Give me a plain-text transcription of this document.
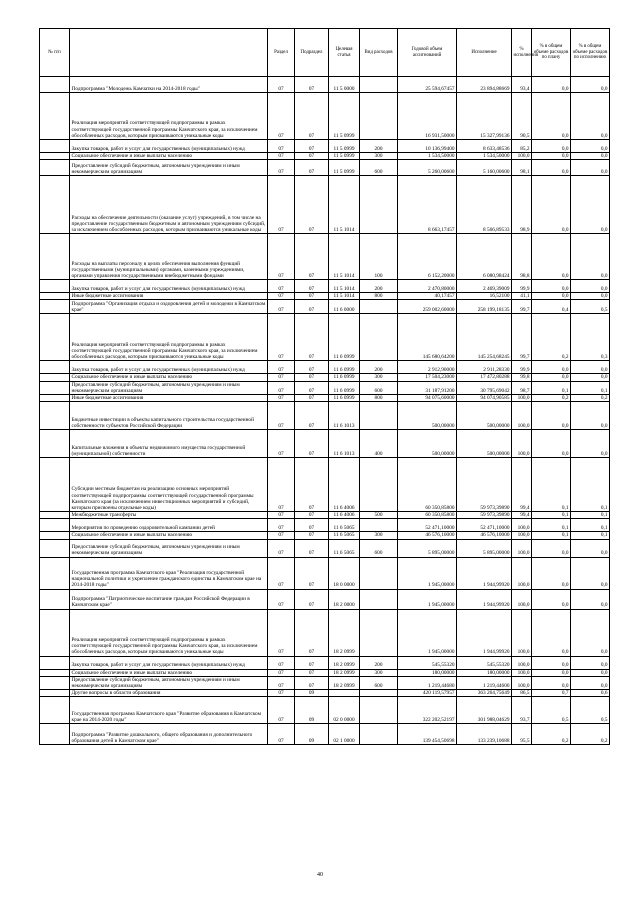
№ п/п		Раздел	Подраздел	Целевая статья	Вид расходов	Годовой объем ассигнований	Исполнение	% исполнения	% в общем объеме расходов по плану	% в общем объеме расходов по исполнению
	Подпрограмма "Молодежь Камчатки на 2014-2018 годы"	07	07	11 5 0000		25 594,67457	23 894,88669	93,4	0,0	0,0
	Реализация мероприятий соответствующей подпрограммы в рамках соответствующей государственной программы Камчатского края, за исключением обособленных расходов, которым присваиваются уникальные коды	07	07	11 5 0999		16 931,50000	15 327,99136	90,5	0,0	0,0
	Закупка товаров, работ и услуг для государственных (муниципальных) нужд	07	07	11 5 0999	200	10 136,99400	8 633,48536	85,2	0,0	0,0
	Социальное обеспечение и иные выплаты населению	07	07	11 5 0999	300	1 534,50000	1 534,50000	100,0	0,0	0,0
	Предоставление субсидий бюджетным, автономным учреждениям и иным некоммерческим организациям	07	07	11 5 0999	600	5 260,00600	5 160,00600	98,1	0,0	0,0
	Расходы на обеспечение деятельности (оказание услуг) учреждений, в том числе на предоставление государственным бюджетным и автономным учреждениям субсидий, за исключением обособленных расходов, которым присваиваются уникальные коды	07	07	11 5 1014		8 663,17457	8 566,89533	98,9	0,0	0,0
	Расходы на выплаты персоналу в целях обеспечения выполнения функций государственными (муниципальными) органами, казенными учреждениями, органами управления государственными внебюджетными фондами	07	07	11 5 1014	100	6 152,20000	6 080,98424	98,8	0,0	0,0
	Закупка товаров, работ и услуг для государственных (муниципальных) нужд	07	07	11 5 1014	200	2 470,80000	2 469,39009	99,9	0,0	0,0
	Иные бюджетные ассигнования	07	07	11 5 1014	800	40,17457	16,52100	41,1	0,0	0,0
	Подпрограмма "Организация отдыха и оздоровления детей и молодежи в Камчатском крае"	07	07	11 6 0000		259 002,60000	258 199,18135	99,7	0,4	0,5
	Реализация мероприятий соответствующей подпрограммы в рамках соответствующей государственной программы Камчатского края, за исключением обособленных расходов, которым присваиваются уникальные коды	07	07	11 6 0999		145 680,64200	145 254,68245	99,7	0,2	0,3
	Закупка товаров, работ и услуг для государственных (муниципальных) нужд	07	07	11 6 0999	200	2 912,90000	2 911,28330	99,9	0,0	0,0
	Социальное обеспечение и иные выплаты населению	07	07	11 6 0999	300	17 504,23000	17 472,80288	99,8	0,0	0,0
	Предоставление субсидий бюджетным, автономным учреждениям и иным некоммерческим организациям	07	07	11 6 0999	600	31 187,91200	30 795,69042	98,7	0,1	0,1
	Иные бюджетные ассигнования	07	07	11 6 0999	800	94 075,60000	94 074,90585	100,0	0,2	0,2
	Бюджетные инвестиции в объекты капитального строительства государственной собственности субъектов Российской Федерации	07	07	11 6 1013		500,00000	500,00000	100,0	0,0	0,0
	Капитальные вложения в объекты недвижимого имущества государственной (муниципальной) собственности	07	07	11 6 1013	400	500,00000	500,00000	100,0	0,0	0,0
	Субсидии местным бюджетам на реализацию основных мероприятий соответствующей подпрограммы соответствующей государственной программы Камчатского края (за исключением инвестиционных мероприятий и субсидий, которым присвоены отдельные коды)	07	07	11 6 4006		60 350,85800	59 973,39890	99,4	0,1	0,1
	Межбюджетные трансферты	07	07	11 6 4006	500	60 350,85800	59 973,39890	99,4	0,1	0,1
	Мероприятия по проведению оздоровительной кампании детей	07	07	11 6 5065		52 471,10000	52 471,10000	100,0	0,1	0,1
	Социальное обеспечение и иные выплаты населению	07	07	11 6 5065	300	46 576,10000	46 576,10000	100,0	0,1	0,1
	Предоставление субсидий бюджетным, автономным учреждениям и иным некоммерческим организациям	07	07	11 6 5065	600	5 895,00000	5 895,00000	100,0	0,0	0,0
	Государственная программа Камчатского края "Реализация государственной национальной политики и укрепление гражданского единства в Камчатском крае на 2014-2018 годы"	07	07	18 0 0000		1 945,00000	1 944,99920	100,0	0,0	0,0
	Подпрограмма "Патриотическое воспитание граждан Российской Федерации в Камчатском крае"	07	07	18 2 0000		1 945,00000	1 944,99920	100,0	0,0	0,0
	Реализация мероприятий соответствующей подпрограммы в рамках соответствующей государственной программы Камчатского края, за исключением обособленных расходов, которым присваиваются уникальные коды	07	07	18 2 0999		1 945,00000	1 944,99920	100,0	0,0	0,0
	Закупка товаров, работ и услуг для государственных (муниципальных) нужд	07	07	18 2 0999	200	545,55320	545,55320	100,0	0,0	0,0
	Социальное обеспечение и иные выплаты населению	07	07	18 2 0999	300	180,00000	180,00000	100,0	0,0	0,0
	Предоставление субсидий бюджетным, автономным учреждениям и иным некоммерческим организациям	07	07	18 2 0999	600	1 219,44680	1 219,44600	100,0	0,0	0,0
	Другие вопросы в области образования	07	09			420 119,57957	363 264,75649	86,5	0,7	0,6
	Государственная программа Камчатского края "Развитие образования в Камчатском крае на 2014-2020 годы"	07	09	02 0 0000		322 202,52197	301 988,04629	93,7	0,5	0,5
	Подпрограмма "Развитие дошкольного, общего образования и дополнительного образования детей в Камчатском крае"	07	09	02 1 0000		139 454,50698	133 239,10688	95,5	0,2	0,2
40
